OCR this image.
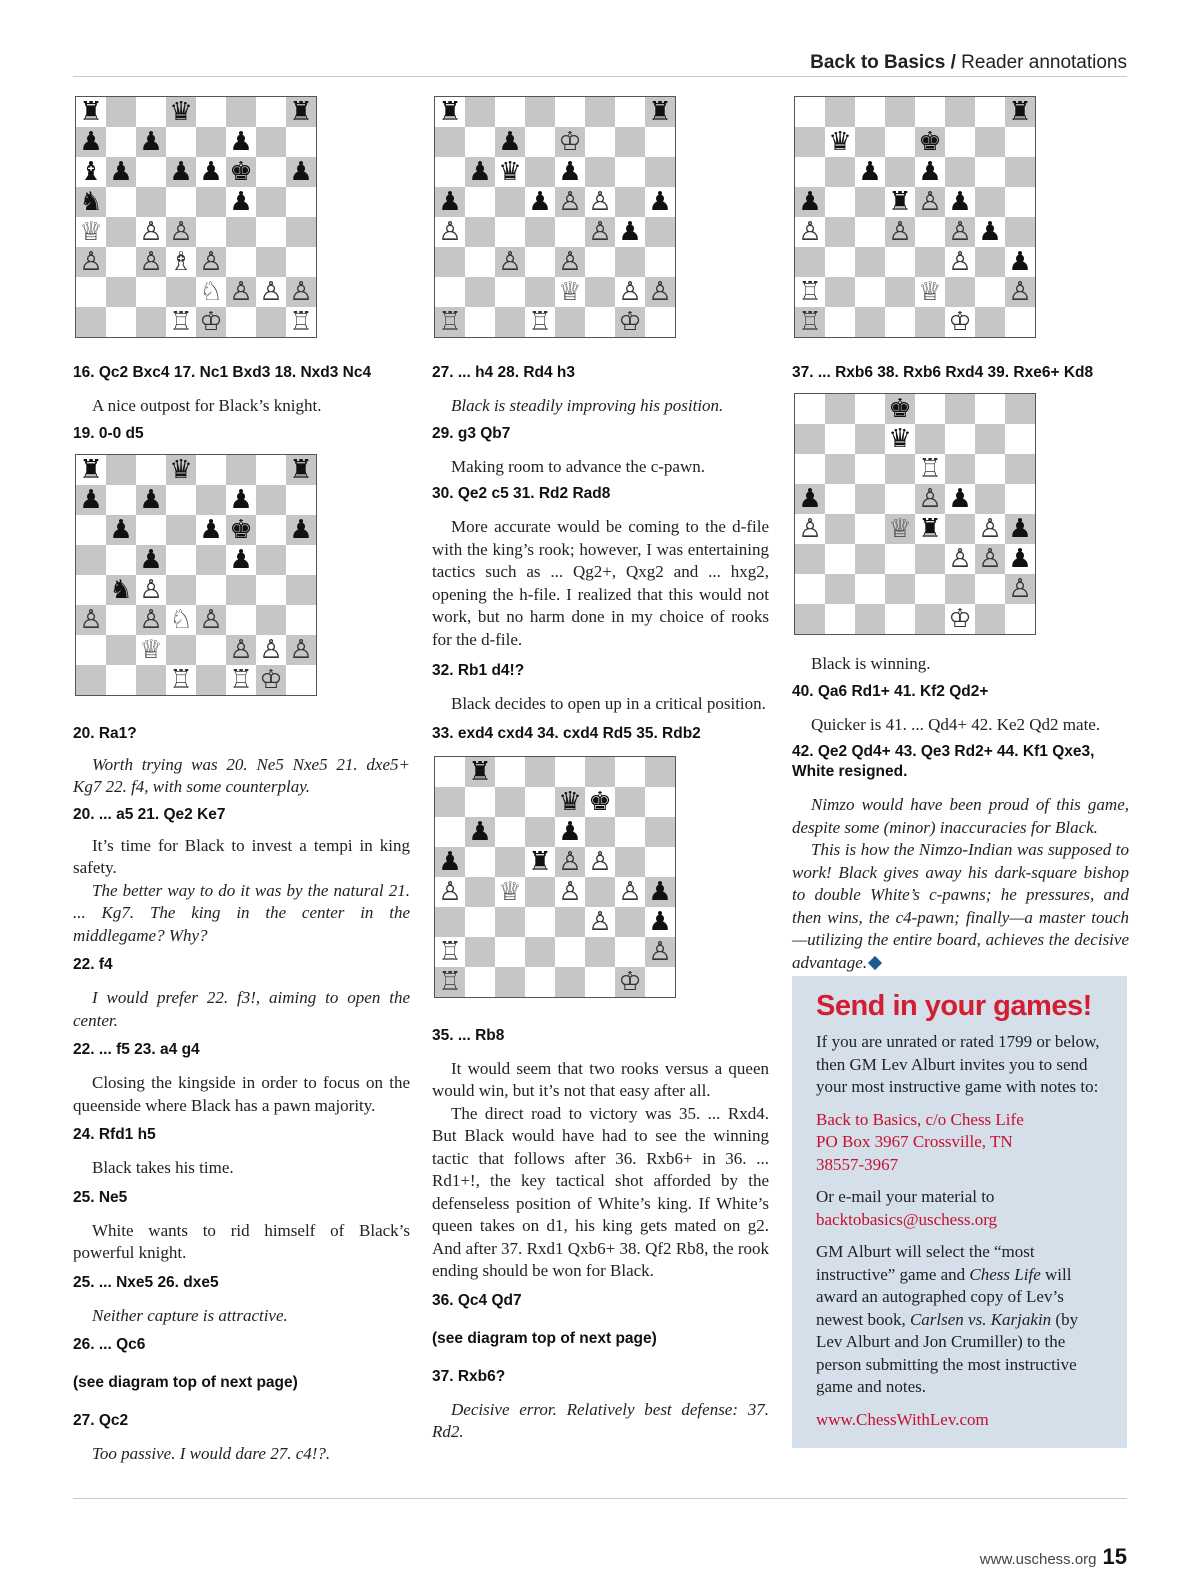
Back to Basics / Reader annotations
♜	♛	♜
♟ ♟	♟
♝ ♟ ♟ ♟ ♚ ♟
♞	♟
♕ ♙ ♙
♙ ♙ ♗ ♙
♘ ♙ ♙ ♙
♖ ♔	♖

16. Qc2 Bxc4 17. Nc1 Bxd3 18. Nxd3 Nc4

A nice outpost for Black’s knight.

19. 0-0 d5

♜	♛	♜
♟ ♟	♟
♟	♟ ♚ ♟
♟	♟
♞ ♙
♙ ♙ ♘ ♙
♕	♙ ♙ ♙
♖ ♖ ♔

20. Ra1?

Worth trying was 20. Ne5 Nxe5 21. dxe5+ Kg7 22. f4, with some counterplay.

20. ... a5 21. Qe2 Ke7

It’s time for Black to invest a tempi in king safety.

The better way to do it was by the natural 21. ... Kg7. The king in the center in the middlegame? Why?

22. f4

I would prefer 22. f3!, aiming to open the center.

22. ... f5 23. a4 g4

Closing the kingside in order to focus on the queenside where Black has a pawn majority.

24. Rfd1 h5

Black takes his time.

25. Ne5

White wants to rid himself of Black’s powerful knight.

25. ... Nxe5 26. dxe5

Neither capture is attractive.

26. ... Qc6

(see diagram top of next page)

27. Qc2

Too passive. I would dare 27. c4!?.

♜	♜
♟ ♔
♟ ♛ ♟
♟	♟ ♙ ♙ ♟
♙	♙ ♟
♙ ♙
♕ ♙ ♙
♖	♖	♔

27. ... h4 28. Rd4 h3

Black is steadily improving his position.

29. g3 Qb7

Making room to advance the c-pawn.

30. Qe2 c5 31. Rd2 Rad8

More accurate would be coming to the d-file with the king’s rook; however, I was entertaining tactics such as ... Qg2+, Qxg2 and ... hxg2, opening the h-file. I realized that this would not work, but no harm done in my choice of rooks for the d-file.

32. Rb1 d4!?

Black decides to open up in a critical position.

33. exd4 cxd4 34. cxd4 Rd5 35. Rdb2

♜
♛ ♚
♟	♟
♟	♜ ♙ ♙
♙ ♕ ♙ ♙ ♟
♙ ♟
♖	♙
♖	♔

35. ... Rb8

It would seem that two rooks versus a queen would win, but it’s not that easy after all.

The direct road to victory was 35. ... Rxd4. But Black would have had to see the winning tactic that follows after 36. Rxb6+ in 36. ... Rd1+!, the key tactical shot afforded by the defenseless position of White’s king. If White’s queen takes on d1, his king gets mated on g2. And after 37. Rxd1 Qxb6+ 38. Qf2 Rb8, the rook ending should be won for Black.

36. Qc4 Qd7

(see diagram top of next page)

37. Rxb6?

Decisive error. Relatively best defense: 37. Rd2.

♜
♛	♚
♟ ♟
♟	♜ ♙ ♟
♙	♙ ♙ ♟
♙ ♟
♖	♕	♙
♖	♔

37. ... Rxb6 38. Rxb6 Rxd4 39. Rxe6+ Kd8

♚
♛
♖
♟	♙ ♟
♙	♕ ♜ ♙ ♟
♙ ♙ ♟
♙
♔

Black is winning.

40. Qa6 Rd1+ 41. Kf2 Qd2+

Quicker is 41. ... Qd4+ 42. Ke2 Qd2 mate.

42. Qe2 Qd4+ 43. Qe3 Rd2+ 44. Kf1 Qxe3, White resigned.

Nimzo would have been proud of this game, despite some (minor) inaccuracies for Black.

This is how the Nimzo-Indian was supposed to work! Black gives away his dark-square bishop to double White’s c-pawns; he pressures, and then wins, the c4-pawn; finally—a master touch—utilizing the entire board, achieves the decisive advantage.

Send in your games!

If you are unrated or rated 1799 or below, then GM Lev Alburt invites you to send your most instructive game with notes to:

Back to Basics, c/o Chess Life
PO Box 3967 Crossville, TN
38557-3967

Or e-mail your material to
backtobasics@uschess.org

GM Alburt will select the “most instructive” game and Chess Life will award an autographed copy of Lev’s newest book, Carlsen vs. Karjakin (by Lev Alburt and Jon Crumiller) to the person submitting the most instructive game and notes.

www.ChessWithLev.com

www.uschess.org 15
